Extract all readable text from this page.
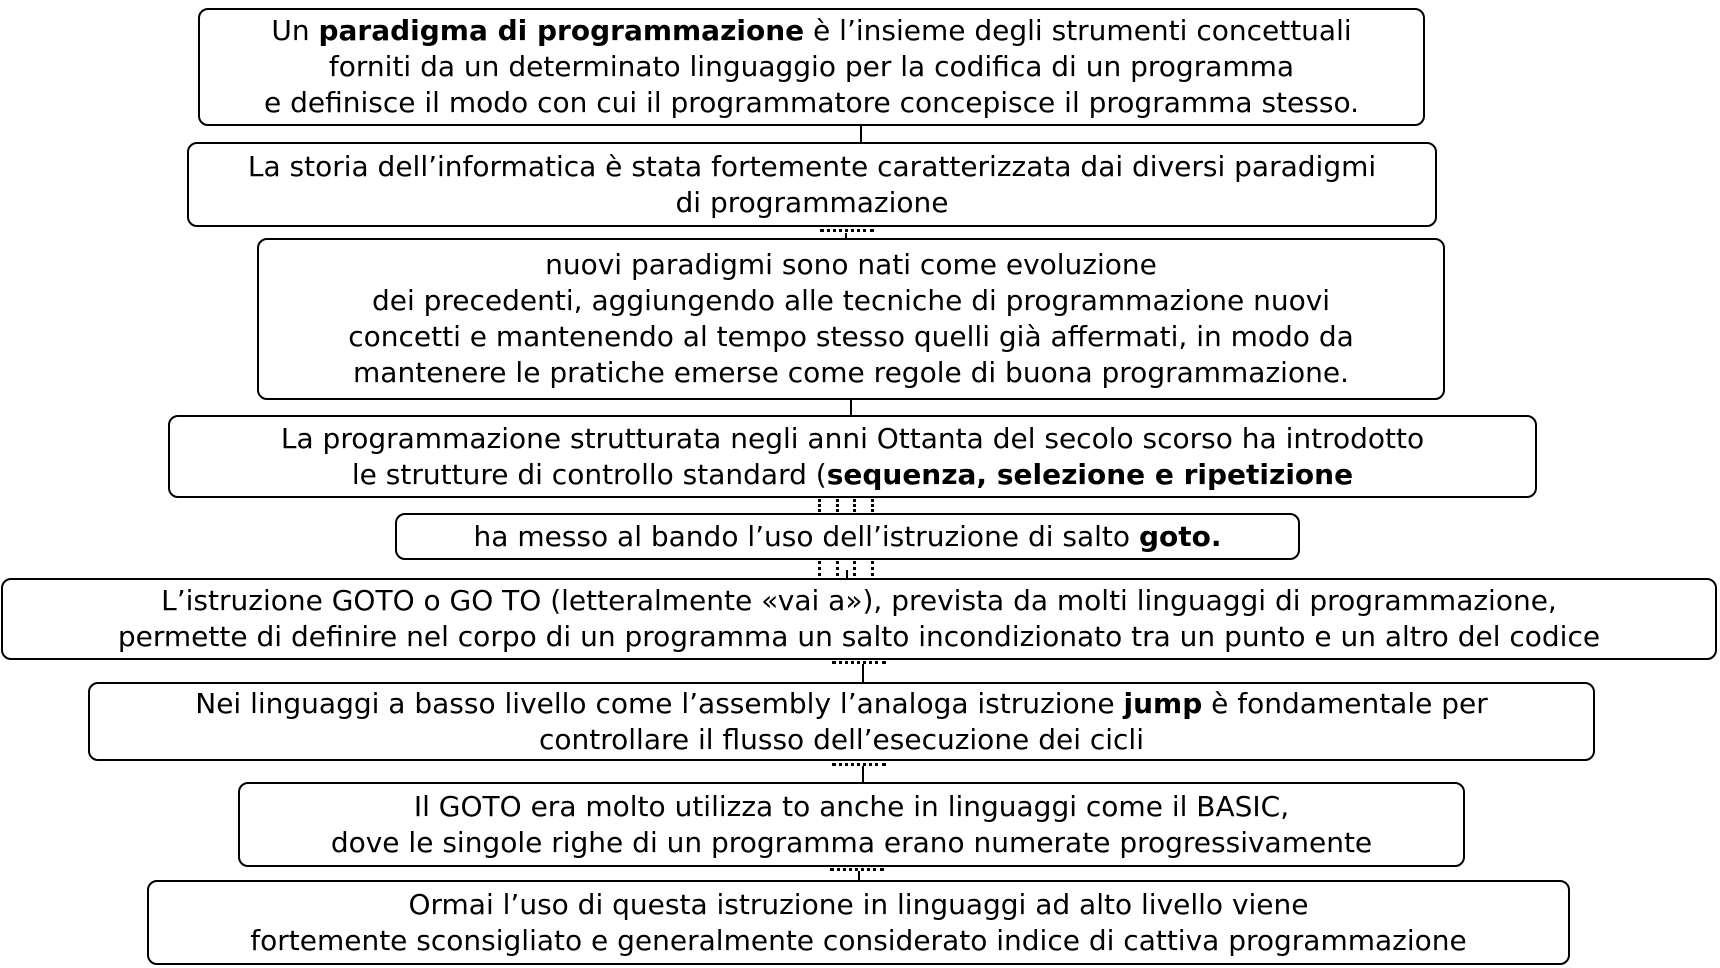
Un paradigma di programmazione è l’insieme degli strumenti concettuali
forniti da un determinato linguaggio per la codifica di un programma
e definisce il modo con cui il programmatore concepisce il programma stesso.
La storia dell’informatica è stata fortemente caratterizzata dai diversi paradigmi
di programmazione
nuovi paradigmi sono nati come evoluzione
dei precedenti, aggiungendo alle tecniche di programmazione nuovi
concetti e mantenendo al tempo stesso quelli già affermati, in modo da
mantenere le pratiche emerse come regole di buona programmazione.
La programmazione strutturata negli anni Ottanta del secolo scorso ha introdotto
le strutture di controllo standard (sequenza, selezione e ripetizione
ha messo al bando l’uso dell’istruzione di salto goto.
L’istruzione GOTO o GO TO (letteralmente «vai a»), prevista da molti linguaggi di programmazione,
permette di definire nel corpo di un programma un salto incondizionato tra un punto e un altro del codice
Nei linguaggi a basso livello come l’assembly l’analoga istruzione jump è fondamentale per
controllare il flusso dell’esecuzione dei cicli
Il GOTO era molto utilizza to anche in linguaggi come il BASIC,
dove le singole righe di un programma erano numerate progressivamente
Ormai l’uso di questa istruzione in linguaggi ad alto livello viene
fortemente sconsigliato e generalmente considerato indice di cattiva programmazione
